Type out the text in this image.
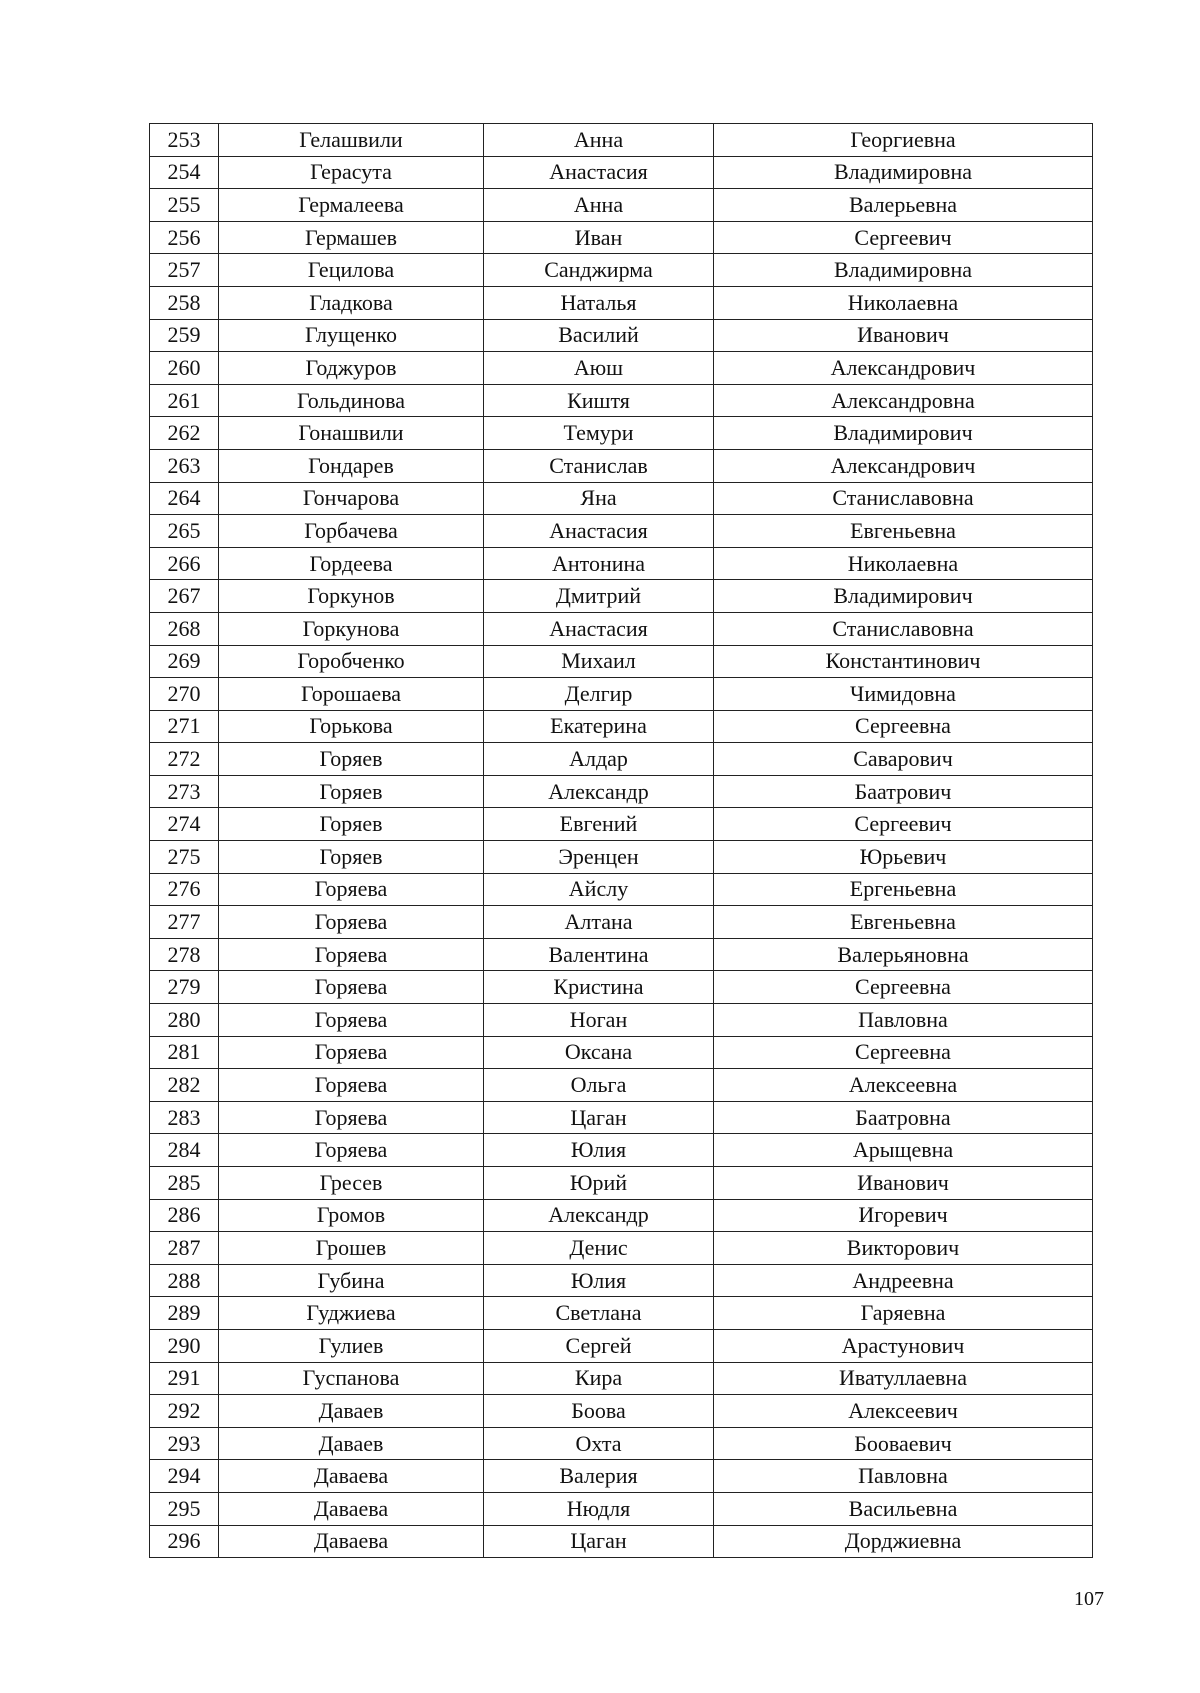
253	Гелашвили	Анна	Георгиевна
254	Герасута	Анастасия	Владимировна
255	Гермалеева	Анна	Валерьевна
256	Гермашев	Иван	Сергеевич
257	Гецилова	Санджирма	Владимировна
258	Гладкова	Наталья	Николаевна
259	Глущенко	Василий	Иванович
260	Годжуров	Аюш	Александрович
261	Гольдинова	Киштя	Александровна
262	Гонашвили	Темури	Владимирович
263	Гондарев	Станислав	Александрович
264	Гончарова	Яна	Станиславовна
265	Горбачева	Анастасия	Евгеньевна
266	Гордеева	Антонина	Николаевна
267	Горкунов	Дмитрий	Владимирович
268	Горкунова	Анастасия	Станиславовна
269	Горобченко	Михаил	Константинович
270	Горошаева	Делгир	Чимидовна
271	Горькова	Екатерина	Сергеевна
272	Горяев	Алдар	Саварович
273	Горяев	Александр	Баатрович
274	Горяев	Евгений	Сергеевич
275	Горяев	Эренцен	Юрьевич
276	Горяева	Айслу	Ергеньевна
277	Горяева	Алтана	Евгеньевна
278	Горяева	Валентина	Валерьяновна
279	Горяева	Кристина	Сергеевна
280	Горяева	Ноган	Павловна
281	Горяева	Оксана	Сергеевна
282	Горяева	Ольга	Алексеевна
283	Горяева	Цаган	Баатровна
284	Горяева	Юлия	Арыщевна
285	Гресев	Юрий	Иванович
286	Громов	Александр	Игоревич
287	Грошев	Денис	Викторович
288	Губина	Юлия	Андреевна
289	Гуджиева	Светлана	Гаряевна
290	Гулиев	Сергей	Арастунович
291	Гуспанова	Кира	Иватуллаевна
292	Даваев	Боова	Алексеевич
293	Даваев	Охта	Бооваевич
294	Даваева	Валерия	Павловна
295	Даваева	Нюдля	Васильевна
296	Даваева	Цаган	Дорджиевна
107
